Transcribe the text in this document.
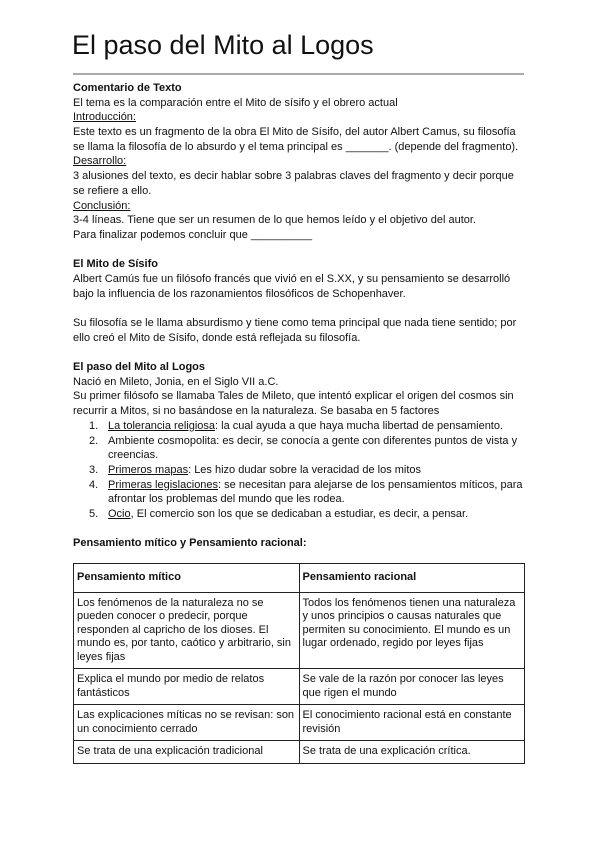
El paso del Mito al Logos
Comentario de Texto
El tema es la comparación entre el Mito de sísifo y el obrero actual
Introducción:
Este texto es un fragmento de la obra El Mito de Sísifo, del autor Albert Camus, su filosofía
se llama la filosofía de lo absurdo y el tema principal es _______. (depende del fragmento).
Desarrollo:
3 alusiones del texto, es decir hablar sobre 3 palabras claves del fragmento y decir porque
se refiere a ello.
Conclusión:
3-4 líneas. Tiene que ser un resumen de lo que hemos leído y el objetivo del autor.
Para finalizar podemos concluir que __________
El Mito de Sísifo
Albert Camús fue un filósofo francés que vivió en el S.XX, y su pensamiento se desarrolló
bajo la influencia de los razonamientos filosóficos de Schopenhaver.
Su filosofía se le llama absurdismo y tiene como tema principal que nada tiene sentido; por
ello creó el Mito de Sísifo, donde está reflejada su filosofía.
El paso del Mito al Logos
Nació en Mileto, Jonia, en el Siglo VII a.C.
Su primer filósofo se llamaba Tales de Mileto, que intentó explicar el origen del cosmos sin
recurrir a Mitos, si no basándose en la naturaleza. Se basaba en 5 factores
1. La tolerancia religiosa: la cual ayuda a que haya mucha libertad de pensamiento.
2. Ambiente cosmopolita: es decir, se conocía a gente con diferentes puntos de vista y
creencias.
3. Primeros mapas: Les hizo dudar sobre la veracidad de los mitos
4. Primeras legislaciones: se necesitan para alejarse de los pensamientos míticos, para
afrontar los problemas del mundo que les rodea.
5. Ocio, El comercio son los que se dedicaban a estudiar, es decir, a pensar.
Pensamiento mítico y Pensamiento racional:
Pensamiento mítico	Pensamiento racional
Los fenómenos de la naturaleza no se pueden conocer o predecir, porque responden al capricho de los dioses. El mundo es, por tanto, caótico y arbitrario, sin leyes fijas	Todos los fenómenos tienen una naturaleza y unos principios o causas naturales que permiten su conocimiento. El mundo es un lugar ordenado, regido por leyes fijas
Explica el mundo por medio de relatos fantásticos	Se vale de la razón por conocer las leyes que rigen el mundo
Las explicaciones míticas no se revisan: son un conocimiento cerrado	El conocimiento racional está en constante revisión
Se trata de una explicación tradicional	Se trata de una explicación crítica.
